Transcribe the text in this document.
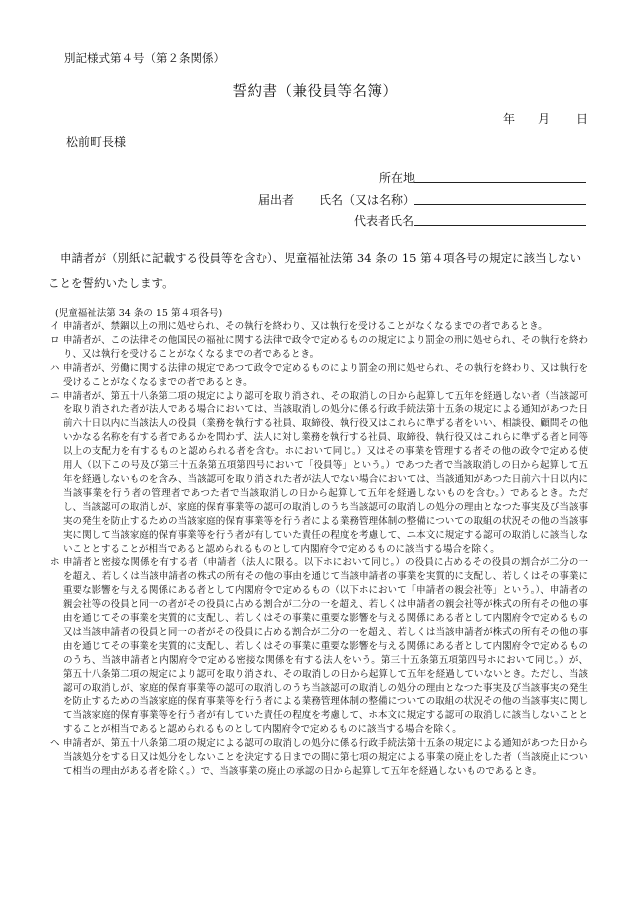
別記様式第４号（第２条関係）
誓約書（兼役員等名簿）
年 月 日
松前町長様
届出者
所在地
氏名（又は名称）
代表者氏名

申請者が（別紙に記載する役員等を含む）、児童福祉法第 34 条の 15 第４項各号の規定に該当しないことを誓約いたします。

(児童福祉法第 34 条の 15 第４項各号)
イ 申請者が、禁錮以上の刑に処せられ、その執行を終わり、又は執行を受けることがなくなるまでの者であるとき。
ロ 申請者が、この法律その他国民の福祉に関する法律で政令で定めるものの規定により罰金の刑に処せられ、その執行を終わり、又は執行を受けることがなくなるまでの者であるとき。
ハ 申請者が、労働に関する法律の規定であつて政令で定めるものにより罰金の刑に処せられ、その執行を終わり、又は執行を受けることがなくなるまでの者であるとき。
ニ 申請者が、第五十八条第二項の規定により認可を取り消され、その取消しの日から起算して五年を経過しない者（当該認可を取り消された者が法人である場合においては、当該取消しの処分に係る行政手続法第十五条の規定による通知があつた日前六十日以内に当該法人の役員（業務を執行する社員、取締役、執行役又はこれらに準ずる者をいい、相談役、顧問その他いかなる名称を有する者であるかを問わず、法人に対し業務を執行する社員、取締役、執行役又はこれらに準ずる者と同等以上の支配力を有するものと認められる者を含む。ホにおいて同じ。）又はその事業を管理する者その他の政令で定める使用人（以下この号及び第三十五条第五項第四号において「役員等」という。）であつた者で当該取消しの日から起算して五年を経過しないものを含み、当該認可を取り消された者が法人でない場合においては、当該通知があつた日前六十日以内に当該事業を行う者の管理者であつた者で当該取消しの日から起算して五年を経過しないものを含む。）であるとき。ただし、当該認可の取消しが、家庭的保育事業等の認可の取消しのうち当該認可の取消しの処分の理由となつた事実及び当該事実の発生を防止するための当該家庭的保育事業等を行う者による業務管理体制の整備についての取組の状況その他の当該事実に関して当該家庭的保育事業等を行う者が有していた責任の程度を考慮して、ニ本文に規定する認可の取消しに該当しないこととすることが相当であると認められるものとして内閣府令で定めるものに該当する場合を除く。
ホ 申請者と密接な関係を有する者（申請者（法人に限る。以下ホにおいて同じ。）の役員に占めるその役員の割合が二分の一を超え、若しくは当該申請者の株式の所有その他の事由を通じて当該申請者の事業を実質的に支配し、若しくはその事業に重要な影響を与える関係にある者として内閣府令で定めるもの（以下ホにおいて「申請者の親会社等」という。）、申請者の親会社等の役員と同一の者がその役員に占める割合が二分の一を超え、若しくは申請者の親会社等が株式の所有その他の事由を通じてその事業を実質的に支配し、若しくはその事業に重要な影響を与える関係にある者として内閣府令で定めるもの又は当該申請者の役員と同一の者がその役員に占める割合が二分の一を超え、若しくは当該申請者が株式の所有その他の事由を通じてその事業を実質的に支配し、若しくはその事業に重要な影響を与える関係にある者として内閣府令で定めるもののうち、当該申請者と内閣府令で定める密接な関係を有する法人をいう。第三十五条第五項第四号ホにおいて同じ。）が、第五十八条第二項の規定により認可を取り消され、その取消しの日から起算して五年を経過していないとき。ただし、当該認可の取消しが、家庭的保育事業等の認可の取消しのうち当該認可の取消しの処分の理由となつた事実及び当該事実の発生を防止するための当該家庭的保育事業等を行う者による業務管理体制の整備についての取組の状況その他の当該事実に関して当該家庭的保育事業等を行う者が有していた責任の程度を考慮して、ホ本文に規定する認可の取消しに該当しないこととすることが相当であると認められるものとして内閣府令で定めるものに該当する場合を除く。
ヘ 申請者が、第五十八条第二項の規定による認可の取消しの処分に係る行政手続法第十五条の規定による通知があつた日から当該処分をする日又は処分をしないことを決定する日までの間に第七項の規定による事業の廃止をした者（当該廃止について相当の理由がある者を除く。）で、当該事業の廃止の承認の日から起算して五年を経過しないものであるとき。
